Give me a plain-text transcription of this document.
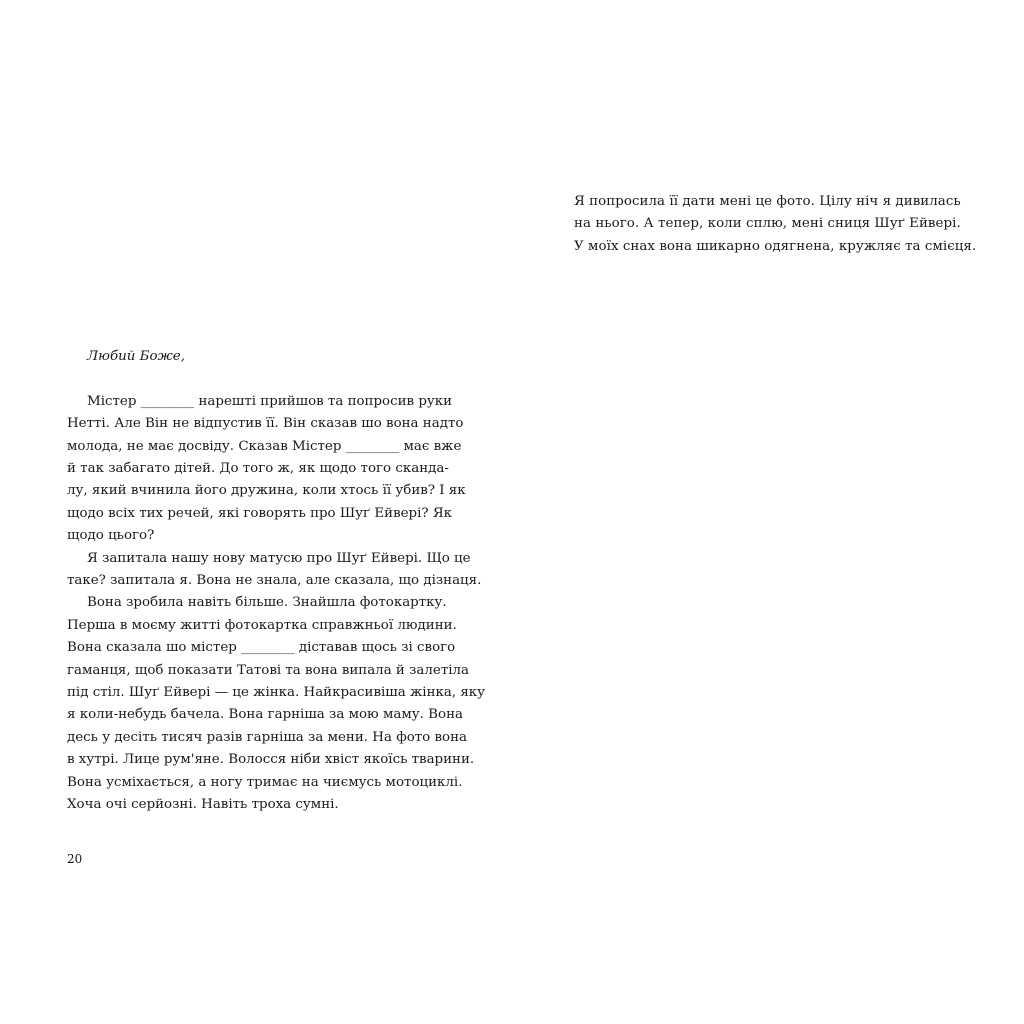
Я попросила її дати мені це фото. Цілу ніч я дивилась
на нього. А тепер, коли сплю, мені сниця Шуґ Ейвері.
У моїх снах вона шикарно одягнена, кружляє та смієця.
Любий Боже,

Містер ________ нарешті прийшов та попросив руки
Нетті. Але Він не відпустив її. Він сказав шо вона надто
молода, не має досвіду. Сказав Містер ________ має вже
й так забагато дітей. До того ж, як щодо того скандa-
лу, який вчинила його дружина, коли хтось її убив? І як
щодо всіх тих речей, які говорять про Шуґ Ейвері? Як
щодо цього?

Я запитала нашу нову матусю про Шуґ Ейвері. Що це
таке? запитала я. Вона не знала, але сказала, що дізнаця.

Вона зробила навіть більше. Знайшла фотокартку.
Перша в моєму житті фотокартка справжньої людини.
Вона сказала шо містер ________ діставав щось зі свого
гаманця, щоб показати Татові та вона випала й залетіла
під стіл. Шуґ Ейвері — це жінка. Найкрасивіша жінка, яку
я коли-небудь бачела. Вона гарніша за мою маму. Вона
десь у десіть тисяч разів гарніша за мени. На фото вона
в хутрі. Лице рум'яне. Волосся ніби хвіст якоїсь тварини.
Вона усміхається, а ногу тримає на чиємусь мотоциклі.
Хоча очі серйозні. Навіть троха сумні.

20
